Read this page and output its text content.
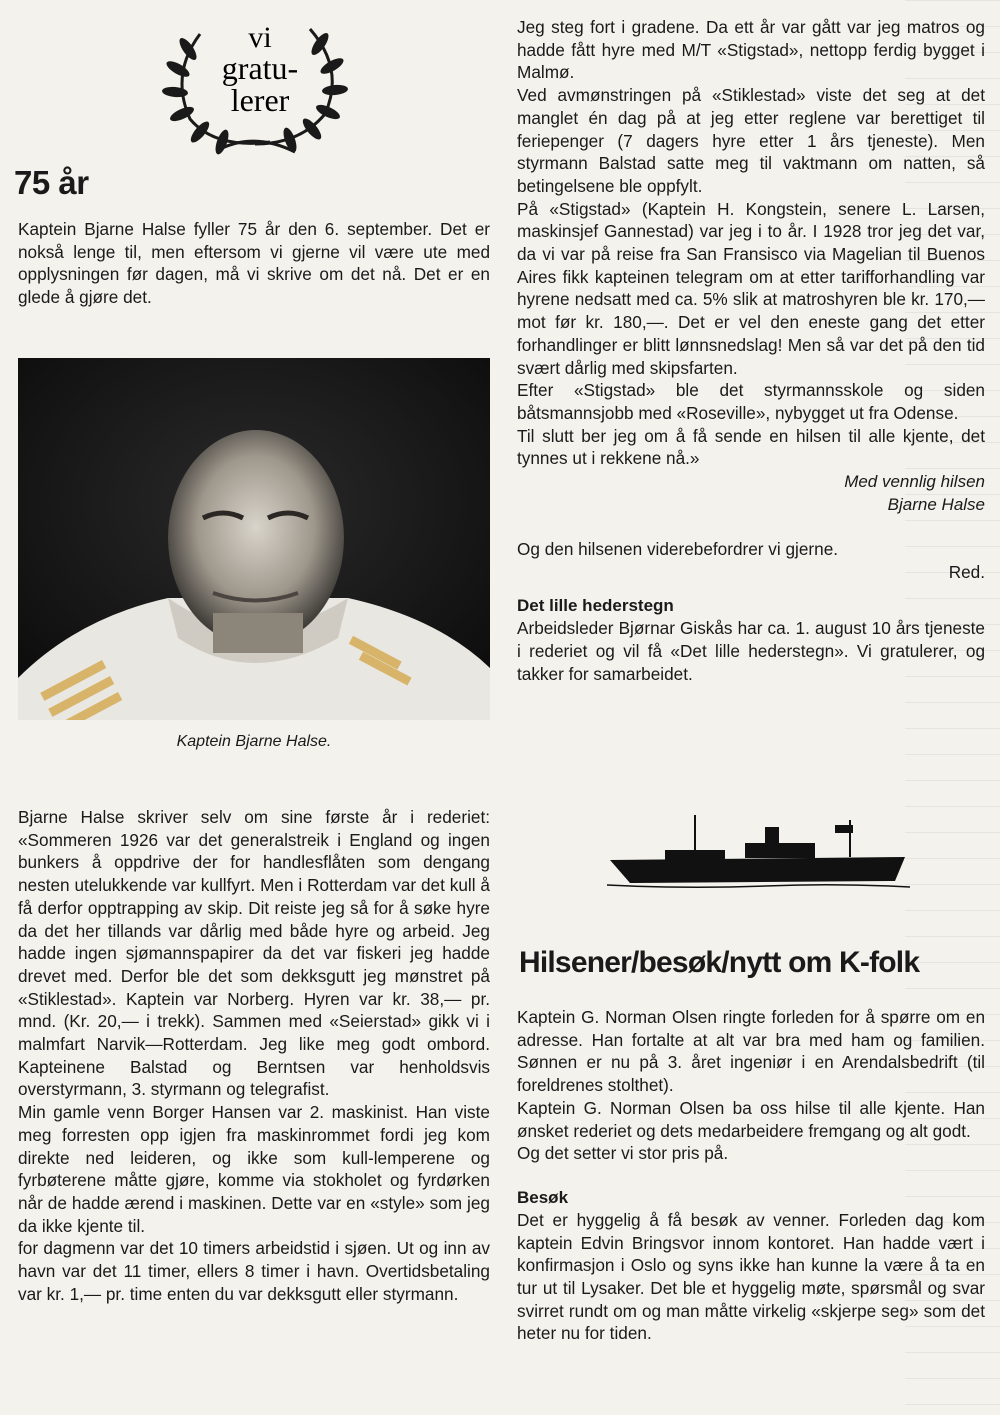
vi
gratu-
lerer
75 år

Kaptein Bjarne Halse fyller 75 år den 6. september. Det er nokså lenge til, men eftersom vi gjerne vil være ute med opplysningen før dagen, må vi skrive om det nå. Det er en glede å gjøre det.

Kaptein Bjarne Halse.

Bjarne Halse skriver selv om sine første år i rederiet: «Sommeren 1926 var det generalstreik i England og ingen bunkers å oppdrive der for handlesflåten som dengang nesten utelukkende var kullfyrt. Men i Rotterdam var det kull å få derfor opptrapping av skip. Dit reiste jeg så for å søke hyre da det her tillands var dårlig med både hyre og arbeid. Jeg hadde ingen sjømannspapirer da det var fiskeri jeg hadde drevet med. Derfor ble det som dekksgutt jeg mønstret på «Stiklestad». Kaptein var Norberg. Hyren var kr. 38,— pr. mnd. (Kr. 20,— i trekk). Sammen med «Seierstad» gikk vi i malmfart Narvik—Rotterdam. Jeg like meg godt ombord. Kapteinene Balstad og Berntsen var henholdsvis overstyrmann, 3. styrmann og telegrafist.

Min gamle venn Borger Hansen var 2. maskinist. Han viste meg forresten opp igjen fra maskinrommet fordi jeg kom direkte ned leideren, og ikke som kull-lemperene og fyrbøterene måtte gjøre, komme via stokholet og fyrdørken når de hadde ærend i maskinen. Dette var en «style» som jeg da ikke kjente til.

for dagmenn var det 10 timers arbeidstid i sjøen. Ut og inn av havn var det 11 timer, ellers 8 timer i havn. Overtidsbetaling var kr. 1,— pr. time enten du var dekksgutt eller styrmann.

Jeg steg fort i gradene. Da ett år var gått var jeg matros og hadde fått hyre med M/T «Stigstad», nettopp ferdig bygget i Malmø.

Ved avmønstringen på «Stiklestad» viste det seg at det manglet én dag på at jeg etter reglene var berettiget til feriepenger (7 dagers hyre etter 1 års tjeneste). Men styrmann Balstad satte meg til vaktmann om natten, så betingelsene ble oppfylt.

På «Stigstad» (Kaptein H. Kongstein, senere L. Larsen, maskinsjef Gannestad) var jeg i to år. I 1928 tror jeg det var, da vi var på reise fra San Fransisco via Magelian til Buenos Aires fikk kapteinen telegram om at etter tarifforhandling var hyrene nedsatt med ca. 5% slik at matroshyren ble kr. 170,— mot før kr. 180,—. Det er vel den eneste gang det etter forhandlinger er blitt lønnsnedslag! Men så var det på den tid svært dårlig med skipsfarten.

Efter «Stigstad» ble det styrmannsskole og siden båtsmannsjobb med «Roseville», nybygget ut fra Odense.

Til slutt ber jeg om å få sende en hilsen til alle kjente, det tynnes ut i rekkene nå.»

Med vennlig hilsen

Bjarne Halse

Og den hilsenen viderebefordrer vi gjerne.

Red.

Det lille hederstegn

Arbeidsleder Bjørnar Giskås har ca. 1. august 10 års tjeneste i rederiet og vil få «Det lille hederstegn». Vi gratulerer, og takker for samarbeidet.

Hilsener/besøk/nytt om K-folk

Kaptein G. Norman Olsen ringte forleden for å spørre om en adresse. Han fortalte at alt var bra med ham og familien. Sønnen er nu på 3. året ingeniør i en Arendalsbedrift (til foreldrenes stolthet).

Kaptein G. Norman Olsen ba oss hilse til alle kjente. Han ønsket rederiet og dets medarbeidere fremgang og alt godt.

Og det setter vi stor pris på.

Besøk

Det er hyggelig å få besøk av venner. Forleden dag kom kaptein Edvin Bringsvor innom kontoret. Han hadde vært i konfirmasjon i Oslo og syns ikke han kunne la være å ta en tur ut til Lysaker. Det ble et hyggelig møte, spørsmål og svar svirret rundt om og man måtte virkelig «skjerpe seg» som det heter nu for tiden.
